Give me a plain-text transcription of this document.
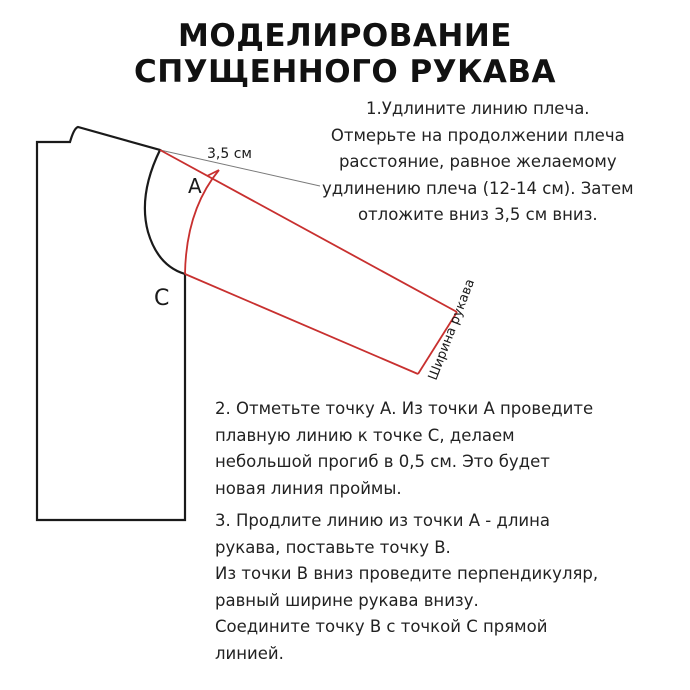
МОДЕЛИРОВАНИЕ
СПУЩЕННОГО РУКАВА
3,5 см
А
С	Ширина рукава
1.Удлините линию плеча.
Отмерьте на продолжении плеча
расстояние, равное желаемому
удлинению плеча (12-14 см). Затем
отложите вниз 3,5 см вниз.
2. Отметьте точку А. Из точки А проведите
плавную линию к точке С, делаем
небольшой прогиб в 0,5 см. Это будет
новая линия проймы.
3. Продлите линию из точки А - длина
рукава, поставьте точку В.
Из точки В вниз проведите перпендикуляр,
равный ширине рукава внизу.
Соедините точку В с точкой С прямой
линией.
